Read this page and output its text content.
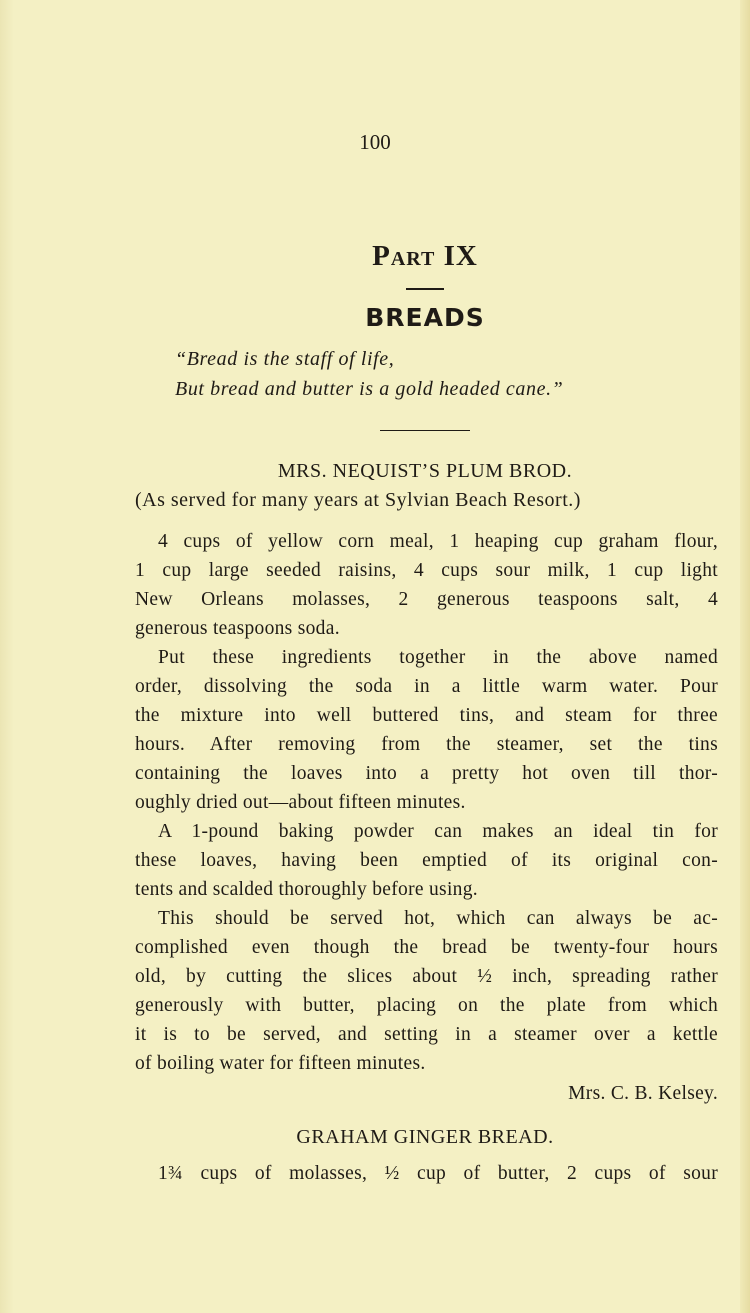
100
Part IX
BREADS
“Bread is the staff of life,
But bread and butter is a gold headed cane.”
MRS. NEQUIST’S PLUM BROD.
(As served for many years at Sylvian Beach Resort.)
4 cups of yellow corn meal, 1 heaping cup graham flour,
1 cup large seeded raisins, 4 cups sour milk, 1 cup light
New Orleans molasses, 2 generous teaspoons salt, 4
generous teaspoons soda.
Put these ingredients together in the above named
order, dissolving the soda in a little warm water. Pour
the mixture into well buttered tins, and steam for three
hours. After removing from the steamer, set the tins
containing the loaves into a pretty hot oven till thor-
oughly dried out—about fifteen minutes.
A 1-pound baking powder can makes an ideal tin for
these loaves, having been emptied of its original con-
tents and scalded thoroughly before using.
This should be served hot, which can always be ac-
complished even though the bread be twenty-four hours
old, by cutting the slices about ½ inch, spreading rather
generously with butter, placing on the plate from which
it is to be served, and setting in a steamer over a kettle
of boiling water for fifteen minutes.
Mrs. C. B. Kelsey.
GRAHAM GINGER BREAD.
1¾ cups of molasses, ½ cup of butter, 2 cups of sour
